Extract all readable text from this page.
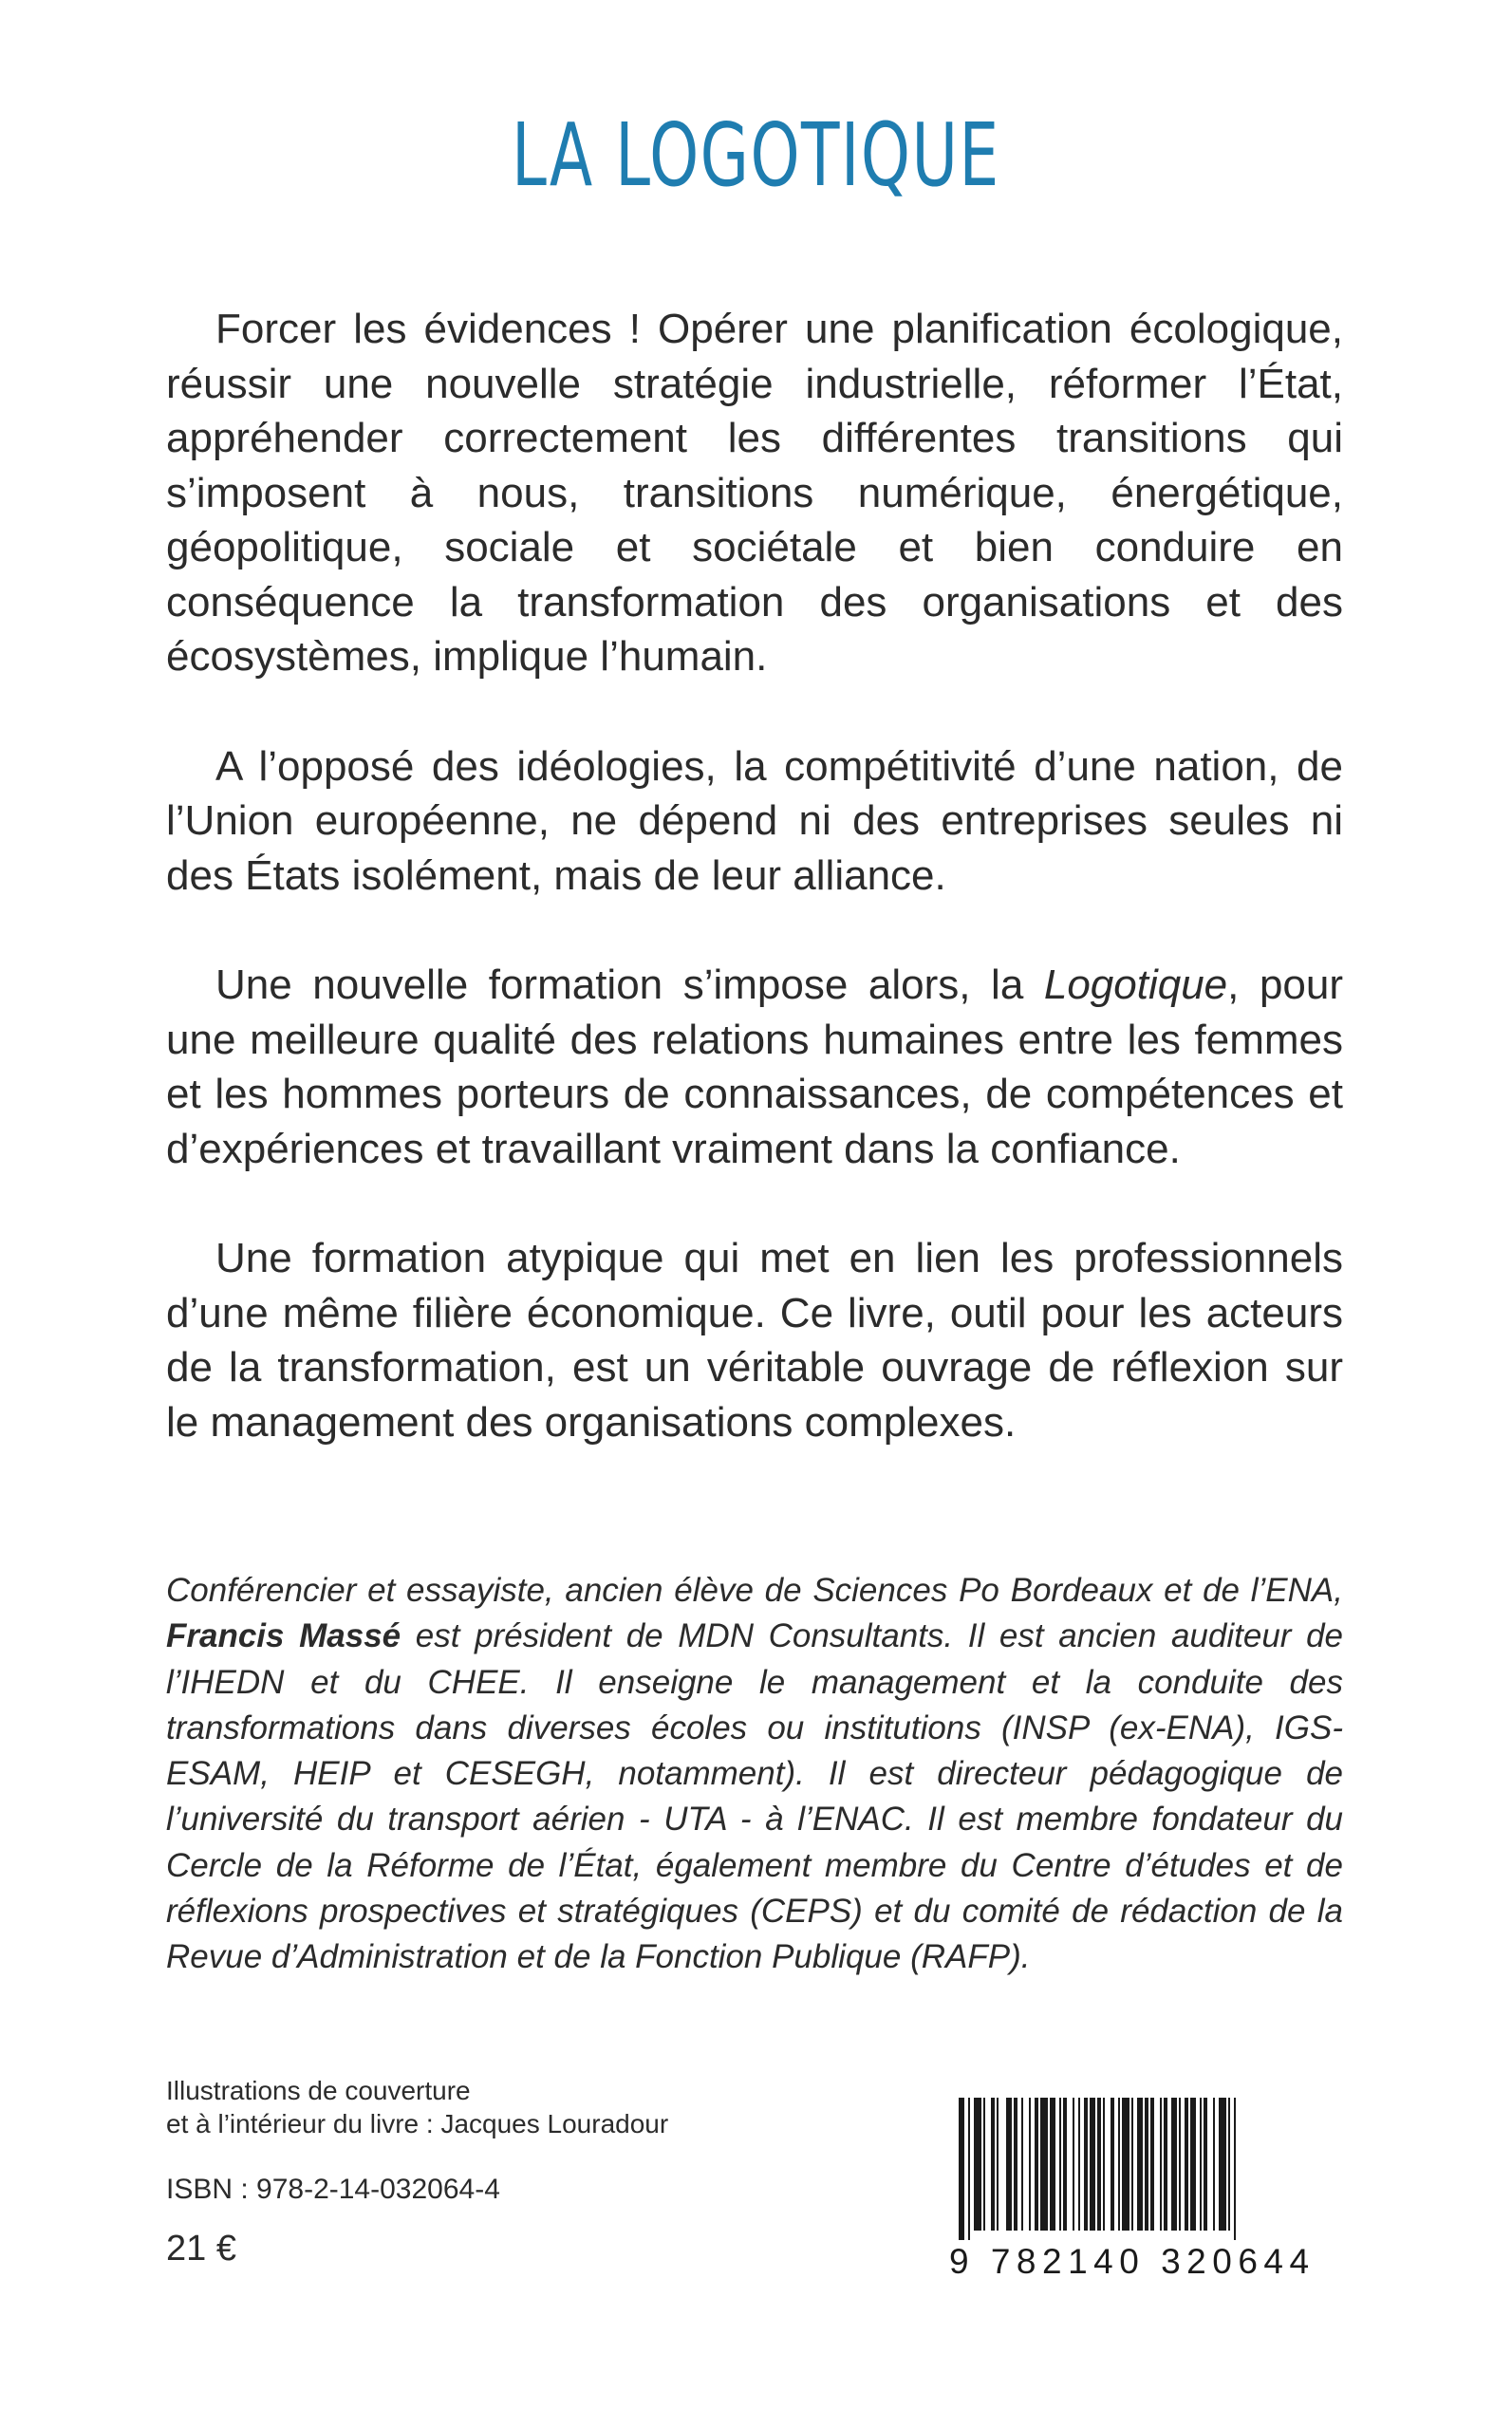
LA LOGOTIQUE

Forcer les évidences ! Opérer une planification écologique, réussir une nouvelle stratégie industrielle, réformer l’État, appréhender correctement les différentes transitions qui s’imposent à nous, transitions numérique, énergétique, géopolitique, sociale et sociétale et bien conduire en conséquence la transformation des organisations et des écosystèmes, implique l’humain.

A l’opposé des idéologies, la compétitivité d’une nation, de l’Union européenne, ne dépend ni des entreprises seules ni des États isolément, mais de leur alliance.

Une nouvelle formation s’impose alors, la Logotique, pour une meilleure qualité des relations humaines entre les femmes et les hommes porteurs de connaissances, de compétences et d’expériences et travaillant vraiment dans la confiance.

Une formation atypique qui met en lien les professionnels d’une même filière économique. Ce livre, outil pour les acteurs de la transformation, est un véritable ouvrage de réflexion sur le management des organisations complexes.

Conférencier et essayiste, ancien élève de Sciences Po Bordeaux et de l’ENA, Francis Massé est président de MDN Consultants. Il est ancien auditeur de l’IHEDN et du CHEE. Il enseigne le management et la conduite des transformations dans diverses écoles ou institutions (INSP (ex-ENA), IGS-ESAM, HEIP et CESEGH, notamment). Il est directeur pédagogique de l’université du transport aérien - UTA - à l’ENAC. Il est membre fondateur du Cercle de la Réforme de l’État, également membre du Centre d’études et de réflexions prospectives et stratégiques (CEPS) et du comité de rédaction de la Revue d’Administration et de la Fonction Publique (RAFP).

Illustrations de couverture
et à l’intérieur du livre : Jacques Louradour
ISBN : 978-2-14-032064-4
21 €	9 782140 320644
